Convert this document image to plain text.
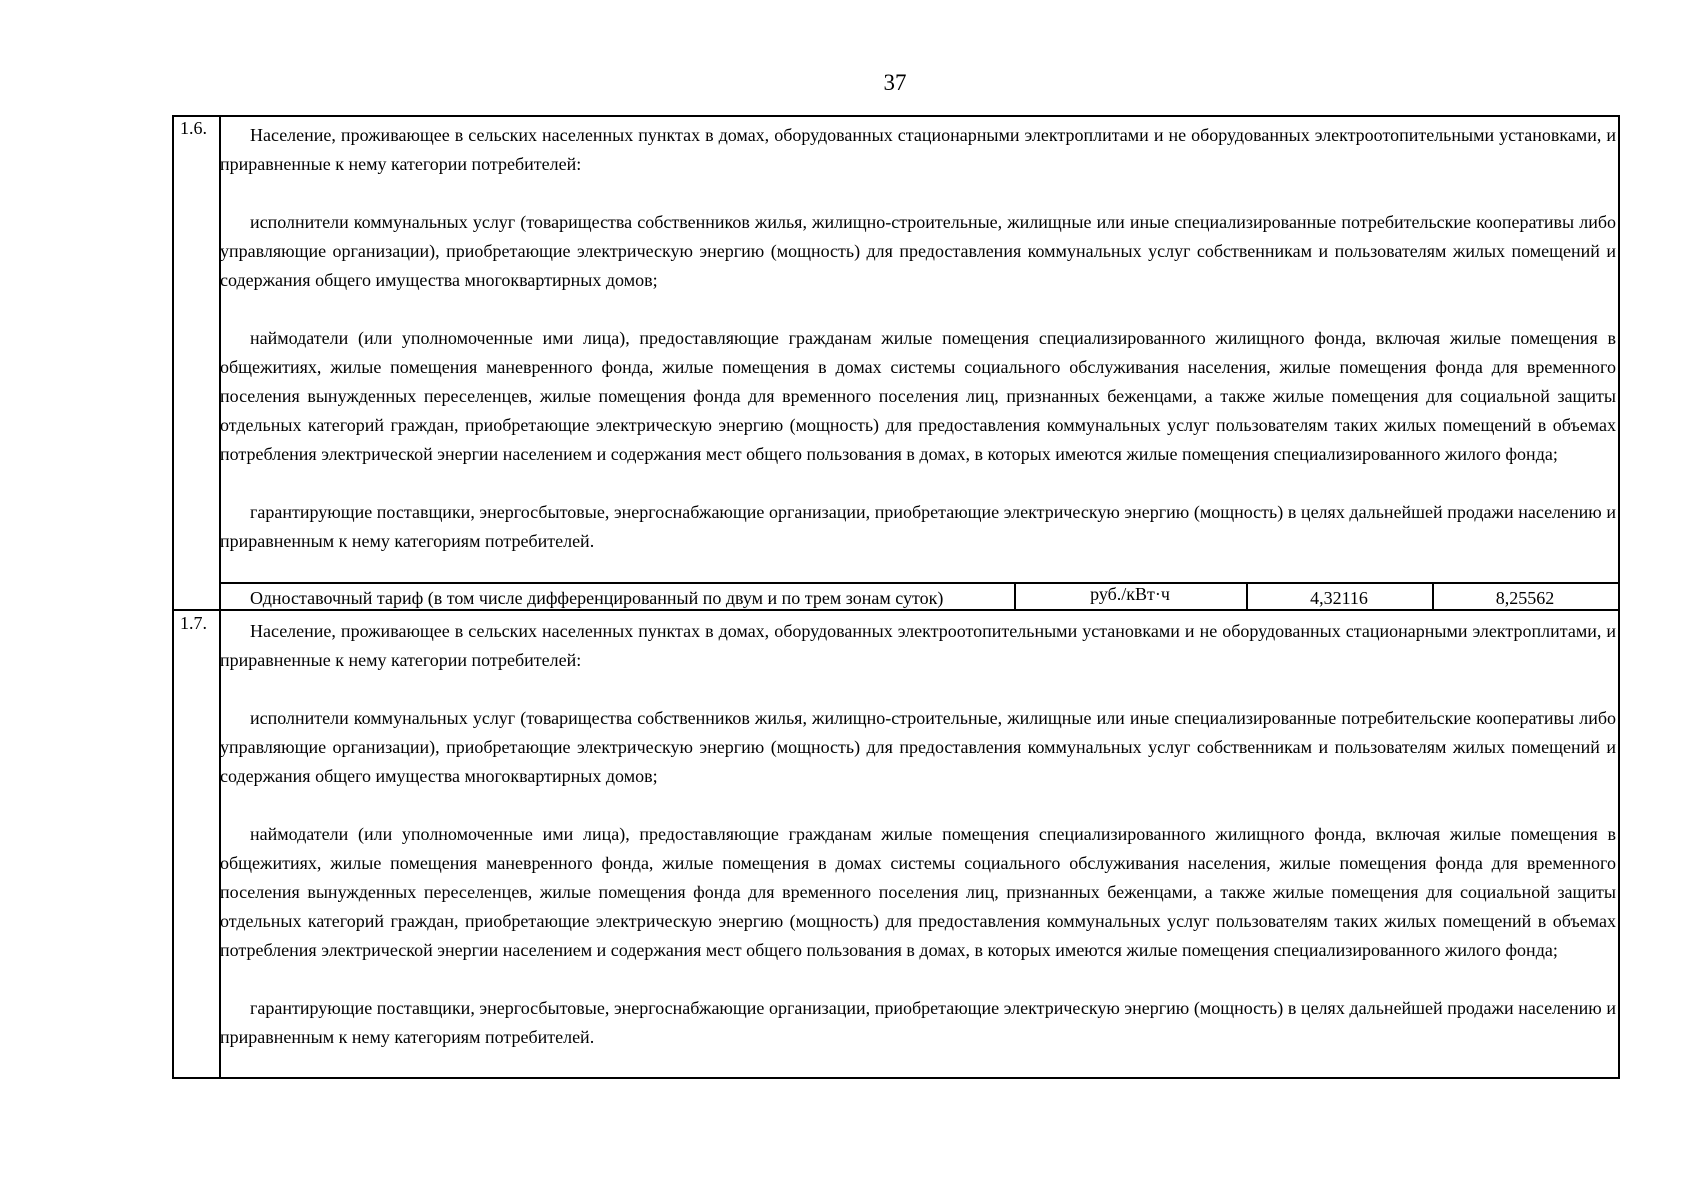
37
1.6.	Население, проживающее в сельских населенных пунктах в домах, оборудованных стационарными электроплитами и не оборудованных электроотопительными установками, и приравненные к нему категории потребителей:

исполнители коммунальных услуг (товарищества собственников жилья, жилищно-строительные, жилищные или иные специализированные потребительские кооперативы либо управляющие организации), приобретающие электрическую энергию (мощность) для предоставления коммунальных услуг собственникам и пользователям жилых помещений и содержания общего имущества многоквартирных домов;

наймодатели (или уполномоченные ими лица), предоставляющие гражданам жилые помещения специализированного жилищного фонда, включая жилые помещения в общежитиях, жилые помещения маневренного фонда, жилые помещения в домах системы социального обслуживания населения, жилые помещения фонда для временного поселения вынужденных переселенцев, жилые помещения фонда для временного поселения лиц, признанных беженцами, а также жилые помещения для социальной защиты отдельных категорий граждан, приобретающие электрическую энергию (мощность) для предоставления коммунальных услуг пользователям таких жилых помещений в объемах потребления электрической энергии населением и содержания мест общего пользования в домах, в которых имеются жилые помещения специализированного жилого фонда;

гарантирующие поставщики, энергосбытовые, энергоснабжающие организации, приобретающие электрическую энергию (мощность) в целях дальнейшей продажи населению и приравненным к нему категориям потребителей.

Одноставочный тариф (в том числе дифференцированный по двум и по трем зонам суток)	руб./кВт·ч	4,32116	8,25562
1.7.	Население, проживающее в сельских населенных пунктах в домах, оборудованных электроотопительными установками и не оборудованных стационарными электроплитами, и приравненные к нему категории потребителей:

исполнители коммунальных услуг (товарищества собственников жилья, жилищно-строительные, жилищные или иные специализированные потребительские кооперативы либо управляющие организации), приобретающие электрическую энергию (мощность) для предоставления коммунальных услуг собственникам и пользователям жилых помещений и содержания общего имущества многоквартирных домов;

наймодатели (или уполномоченные ими лица), предоставляющие гражданам жилые помещения специализированного жилищного фонда, включая жилые помещения в общежитиях, жилые помещения маневренного фонда, жилые помещения в домах системы социального обслуживания населения, жилые помещения фонда для временного поселения вынужденных переселенцев, жилые помещения фонда для временного поселения лиц, признанных беженцами, а также жилые помещения для социальной защиты отдельных категорий граждан, приобретающие электрическую энергию (мощность) для предоставления коммунальных услуг пользователям таких жилых помещений в объемах потребления электрической энергии населением и содержания мест общего пользования в домах, в которых имеются жилые помещения специализированного жилого фонда;

гарантирующие поставщики, энергосбытовые, энергоснабжающие организации, приобретающие электрическую энергию (мощность) в целях дальнейшей продажи населению и приравненным к нему категориям потребителей.
